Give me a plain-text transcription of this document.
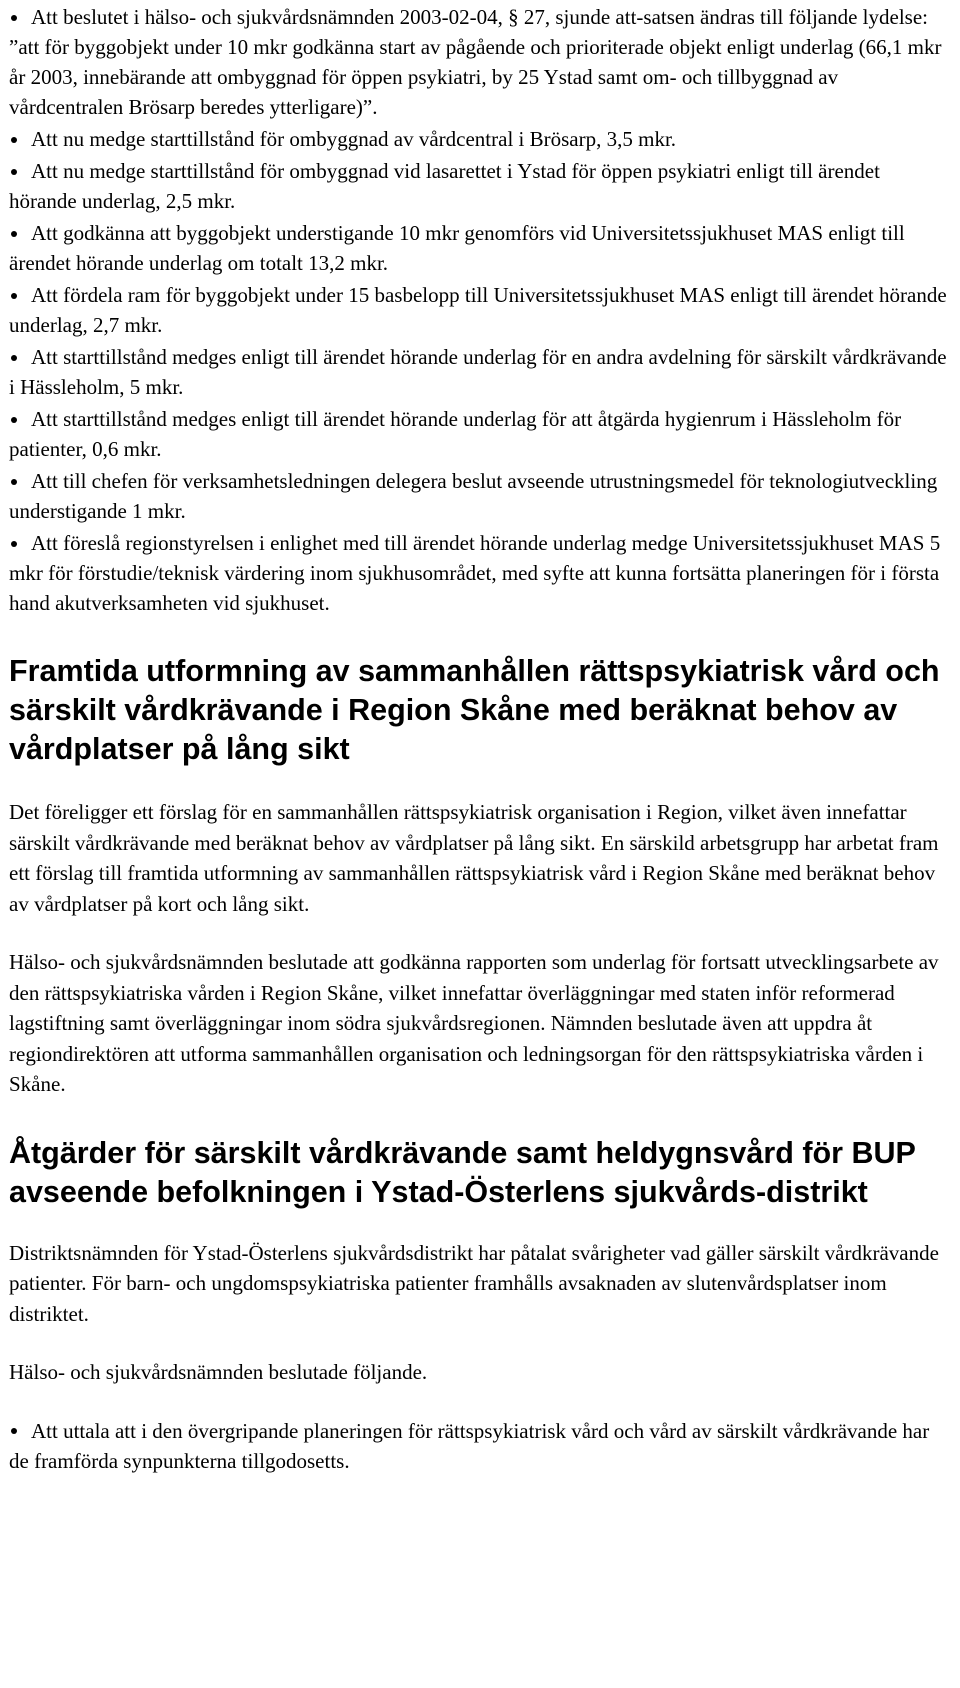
Att beslutet i hälso- och sjukvårdsnämnden 2003-02-04, § 27, sjunde att-satsen ändras till följande lydelse: ”att för byggobjekt under 10 mkr godkänna start av pågående och prioriterade objekt enligt underlag (66,1 mkr år 2003, innebärande att ombyggnad för öppen psykiatri, by 25 Ystad samt om- och tillbyggnad av vårdcentralen Brösarp beredes ytterligare)”.
Att nu medge starttillstånd för ombyggnad av vårdcentral i Brösarp, 3,5 mkr.
Att nu medge starttillstånd för ombyggnad vid lasarettet i Ystad för öppen psykiatri enligt till ärendet hörande underlag, 2,5 mkr.
Att godkänna att byggobjekt understigande 10 mkr genomförs vid Universitetssjukhuset MAS enligt till ärendet hörande underlag om totalt 13,2 mkr.
Att fördela ram för byggobjekt under 15 basbelopp till Universitetssjukhuset MAS enligt till ärendet hörande underlag, 2,7 mkr.
Att starttillstånd medges enligt till ärendet hörande underlag för en andra avdelning för särskilt vårdkrävande i Hässleholm, 5 mkr.
Att starttillstånd medges enligt till ärendet hörande underlag för att åtgärda hygienrum i Hässleholm för patienter, 0,6 mkr.
Att till chefen för verksamhetsledningen delegera beslut avseende utrustningsmedel för teknologiutveckling understigande 1 mkr.
Att föreslå regionstyrelsen i enlighet med till ärendet hörande underlag medge Universitetssjukhuset MAS 5 mkr för förstudie/teknisk värdering inom sjukhusområdet, med syfte att kunna fortsätta planeringen för i första hand akutverksamheten vid sjukhuset.
Framtida utformning av sammanhållen rättspsykiatrisk vård och särskilt vårdkrävande i Region Skåne med beräknat behov av vårdplatser på lång sikt

Det föreligger ett förslag för en sammanhållen rättspsykiatrisk organisation i Region, vilket även innefattar särskilt vårdkrävande med beräknat behov av vårdplatser på lång sikt. En särskild arbetsgrupp har arbetat fram ett förslag till framtida utformning av sammanhållen rättspsykiatrisk vård i Region Skåne med beräknat behov av vårdplatser på kort och lång sikt.

Hälso- och sjukvårdsnämnden beslutade att godkänna rapporten som underlag för fortsatt utvecklingsarbete av den rättspsykiatriska vården i Region Skåne, vilket innefattar överläggningar med staten inför reformerad lagstiftning samt överläggningar inom södra sjukvårdsregionen. Nämnden beslutade även att uppdra åt regiondirektören att utforma sammanhållen organisation och ledningsorgan för den rättspsykiatriska vården i Skåne.

Åtgärder för särskilt vårdkrävande samt heldygnsvård för BUP avseende befolkningen i Ystad-Österlens sjukvårds-distrikt

Distriktsnämnden för Ystad-Österlens sjukvårdsdistrikt har påtalat svårigheter vad gäller särskilt vårdkrävande patienter. För barn- och ungdomspsykiatriska patienter framhålls avsaknaden av slutenvårdsplatser inom distriktet.

Hälso- och sjukvårdsnämnden beslutade följande.

Att uttala att i den övergripande planeringen för rättspsykiatrisk vård och vård av särskilt vårdkrävande har de framförda synpunkterna tillgodosetts.
